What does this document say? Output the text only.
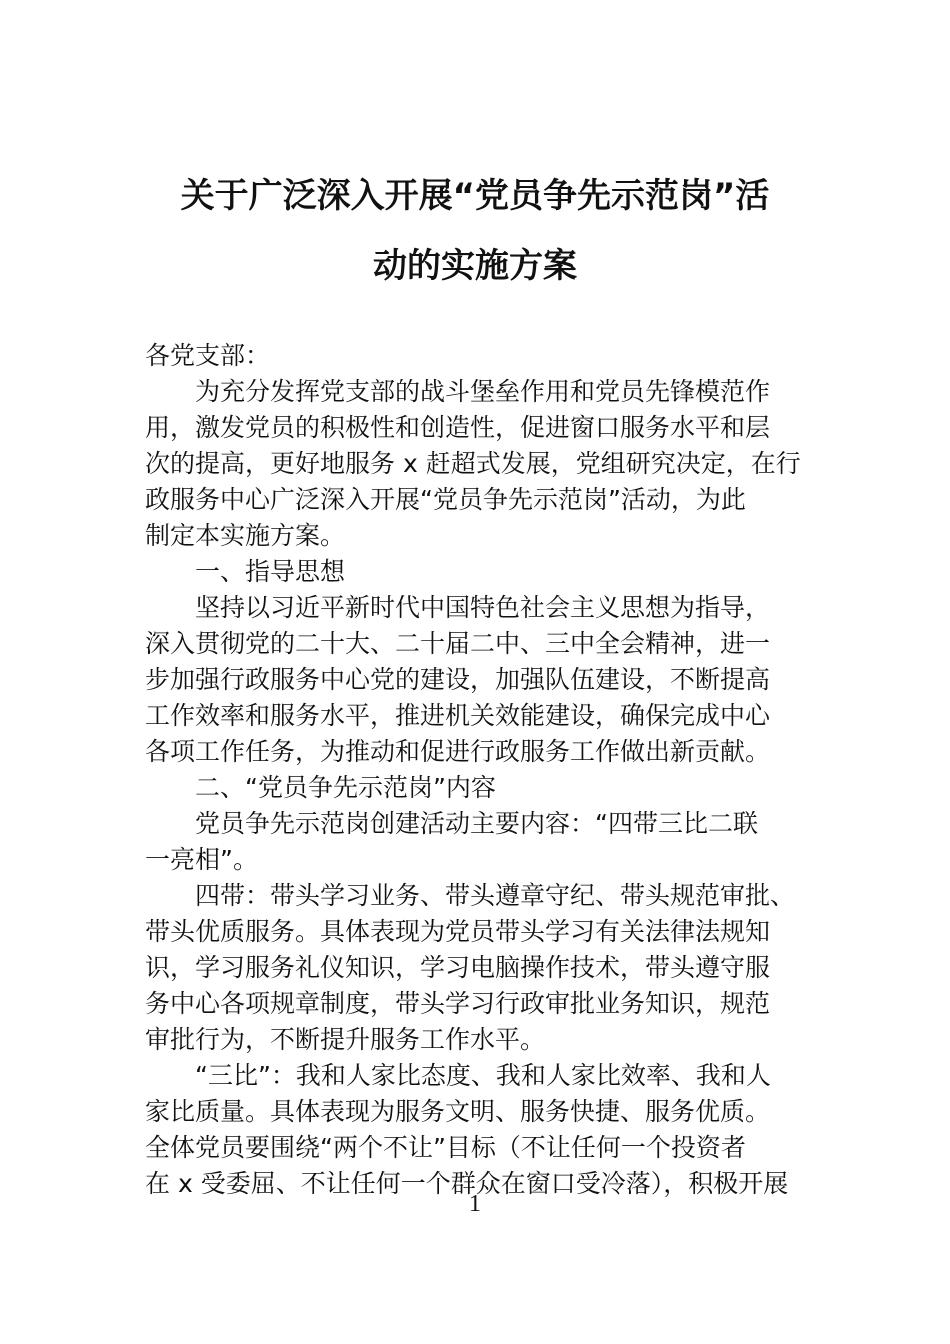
关于广泛深入开展“党员争先示范岗”活
动的实施方案
各党支部：
　　为充分发挥党支部的战斗堡垒作用和党员先锋模范作
用，激发党员的积极性和创造性，促进窗口服务水平和层
次的提高，更好地服务 x 赶超式发展，党组研究决定，在行
政服务中心广泛深入开展“党员争先示范岗”活动，为此
制定本实施方案。
　　一、指导思想
　　坚持以习近平新时代中国特色社会主义思想为指导，
深入贯彻党的二十大、二十届二中、三中全会精神，进一
步加强行政服务中心党的建设，加强队伍建设，不断提高
工作效率和服务水平，推进机关效能建设，确保完成中心
各项工作任务，为推动和促进行政服务工作做出新贡献。
　　二、“党员争先示范岗”内容
　　党员争先示范岗创建活动主要内容：“四带三比二联
一亮相”。
　　四带：带头学习业务、带头遵章守纪、带头规范审批、
带头优质服务。具体表现为党员带头学习有关法律法规知
识，学习服务礼仪知识，学习电脑操作技术，带头遵守服
务中心各项规章制度，带头学习行政审批业务知识，规范
审批行为，不断提升服务工作水平。
　　“三比”：我和人家比态度、我和人家比效率、我和人
家比质量。具体表现为服务文明、服务快捷、服务优质。
全体党员要围绕“两个不让”目标（不让任何一个投资者
在 x 受委屈、不让任何一个群众在窗口受冷落），积极开展
1
